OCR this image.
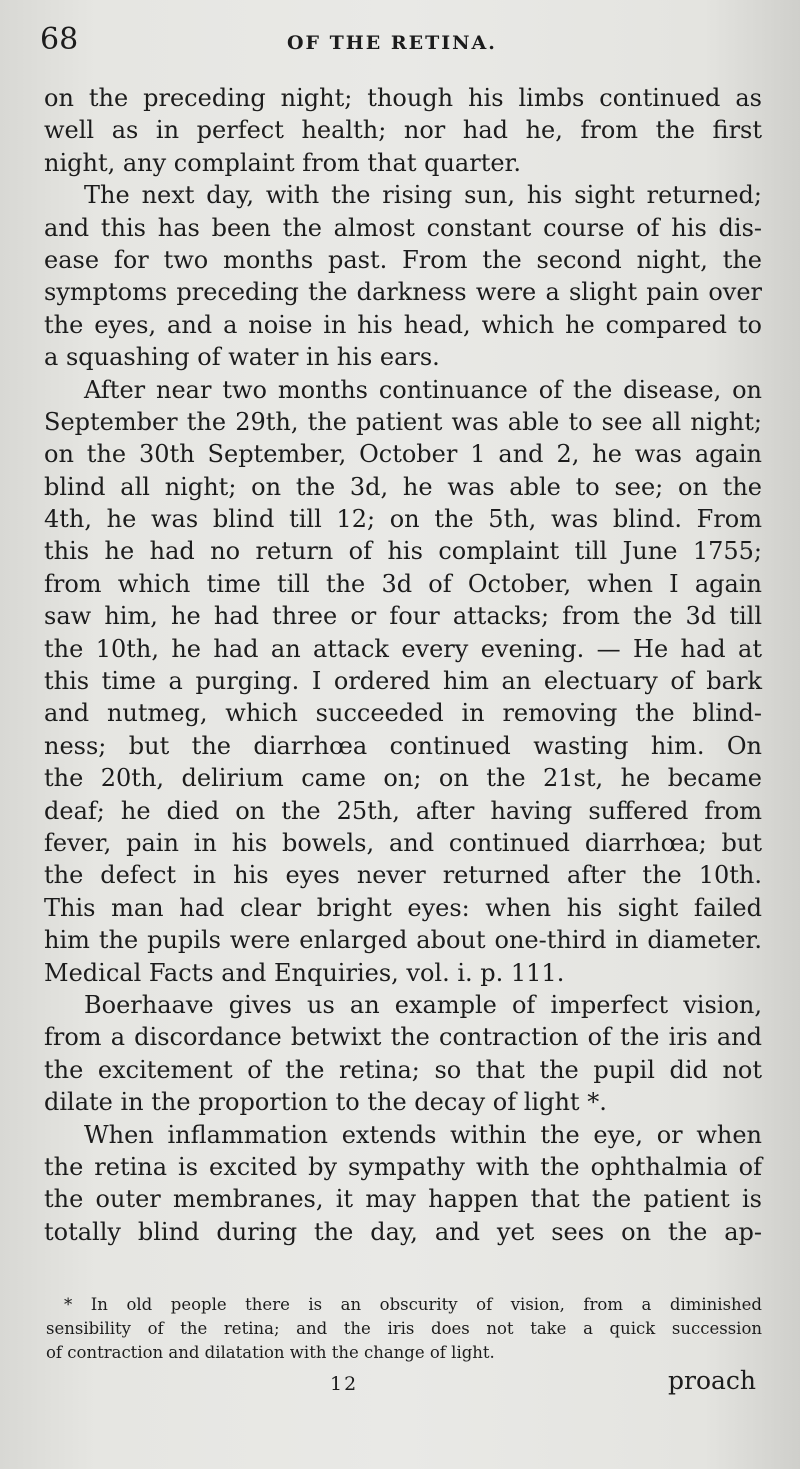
68	OF THE RETINA.
on the preceding night; though his limbs continued as
well as in perfect health; nor had he, from the first
night, any complaint from that quarter.
The next day, with the rising sun, his sight returned;
and this has been the almost constant course of his dis-
ease for two months past. From the second night, the
symptoms preceding the darkness were a slight pain over
the eyes, and a noise in his head, which he compared to
a squashing of water in his ears.
After near two months continuance of the disease, on
September the 29th, the patient was able to see all night;
on the 30th September, October 1 and 2, he was again
blind all night; on the 3d, he was able to see; on the
4th, he was blind till 12; on the 5th, was blind. From
this he had no return of his complaint till June 1755;
from which time till the 3d of October, when I again
saw him, he had three or four attacks; from the 3d till
the 10th, he had an attack every evening. — He had at
this time a purging. I ordered him an electuary of bark
and nutmeg, which succeeded in removing the blind-
ness; but the diarrhœa continued wasting him. On
the 20th, delirium came on; on the 21st, he became
deaf; he died on the 25th, after having suffered from
fever, pain in his bowels, and continued diarrhœa; but
the defect in his eyes never returned after the 10th.
This man had clear bright eyes: when his sight failed
him the pupils were enlarged about one-third in diameter.
Medical Facts and Enquiries, vol. i. p. 111.
Boerhaave gives us an example of imperfect vision,
from a discordance betwixt the contraction of the iris and
the excitement of the retina; so that the pupil did not
dilate in the proportion to the decay of light *.
When inflammation extends within the eye, or when
the retina is excited by sympathy with the ophthalmia of
the outer membranes, it may happen that the patient is
totally blind during the day, and yet sees on the ap-
* In old people there is an obscurity of vision, from a diminished
sensibility of the retina; and the iris does not take a quick succession
of contraction and dilatation with the change of light.
12	proach
